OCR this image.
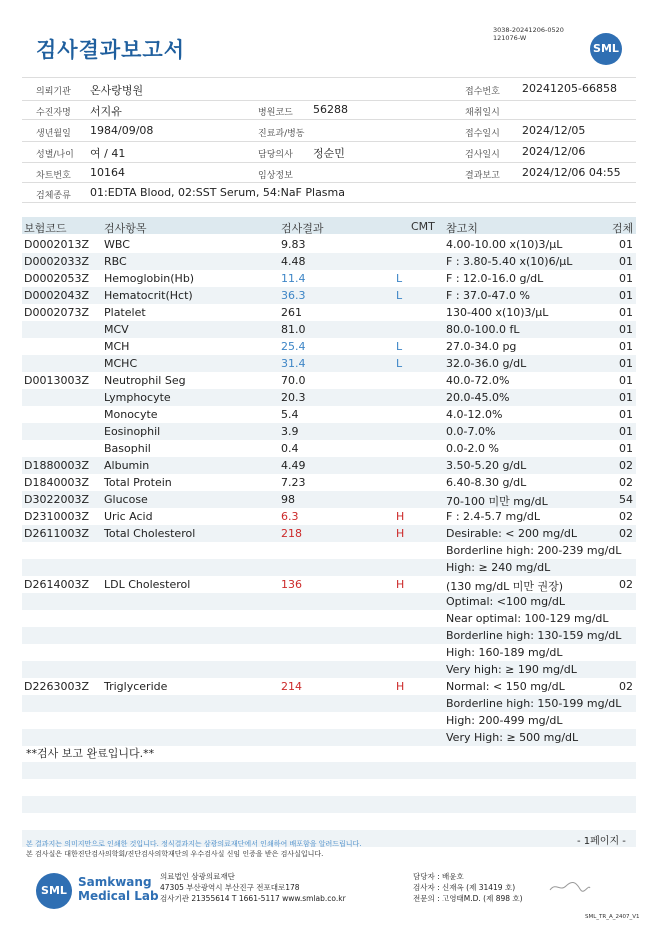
검사결과보고서
3038-20241206-0520
121076-W
SML
의뢰기관 온사랑병원	접수번호 20241205-66858
수진자명 서지유	병원코드 56288	채취일시
생년월일 1984/09/08	진료과/병동	접수일시 2024/12/05
성별/나이 여 / 41	담당의사 정순민	검사일시 2024/12/06
차트번호 10164	임상정보	결과보고 2024/12/06 04:55
검체종류 01:EDTA Blood, 02:SST Serum, 54:NaF Plasma
보험코드	검사항목	검사결과	CMT 참고치	검체
D0002013Z WBC	9.83	4.00-10.00 x(10)3/μL	01
D0002033Z RBC	4.48	F : 3.80-5.40 x(10)6/μL	01
D0002053Z Hemoglobin(Hb)	11.4	L	F : 12.0-16.0 g/dL	01
D0002043Z Hematocrit(Hct)	36.3	L	F : 37.0-47.0 %	01
D0002073Z Platelet	261	130-400 x(10)3/μL	01
MCV	81.0	80.0-100.0 fL	01
MCH	25.4	L	27.0-34.0 pg	01
MCHC	31.4	L	32.0-36.0 g/dL	01
D0013003Z Neutrophil Seg	70.0	40.0-72.0%	01
Lymphocyte	20.3	20.0-45.0%	01
Monocyte	5.4	4.0-12.0%	01
Eosinophil	3.9	0.0-7.0%	01
Basophil	0.4	0.0-2.0 %	01
D1880003Z Albumin	4.49	3.50-5.20 g/dL	02
D1840003Z Total Protein	7.23	6.40-8.30 g/dL	02
D3022003Z Glucose	98	70-100 미만 mg/dL	54
D2310003Z Uric Acid	6.3	H	F : 2.4-5.7 mg/dL	02
D2611003Z Total Cholesterol	218	H	Desirable: < 200 mg/dL	02
Borderline high: 200-239 mg/dL
High: ≥ 240 mg/dL
D2614003Z LDL Cholesterol	136	H	(130 mg/dL 미만 권장)	02
Optimal: <100 mg/dL
Near optimal: 100-129 mg/dL
Borderline high: 130-159 mg/dL
High: 160-189 mg/dL
Very high: ≥ 190 mg/dL
D2263003Z Triglyceride	214	H	Normal: < 150 mg/dL	02
Borderline high: 150-199 mg/dL
High: 200-499 mg/dL
Very High: ≥ 500 mg/dL
**검사 보고 완료입니다.**
본 결과지는 의미지만으로 인쇄한 것입니다. 정식결과지는 삼광의료재단에서 인쇄하여 배포함을 알려드립니다.
본 검사실은 대한진단검사의학회/진단검사의학재단의 우수검사실 신임 인증을 받은 검사실입니다.
- 1페이지 -
SML
Samkwang
Medical Lab
의료법인 삼광의료재단
47305 부산광역시 부산진구 전포대로178
검사기관 21355614 T 1661-5117 www.smlab.co.kr
담당자 : 배윤호
검사자 : 신재옥 (제 31419 호)
전문의 : 고영태M.D. (제 898 호)
SML_TR_A_2407_V1
